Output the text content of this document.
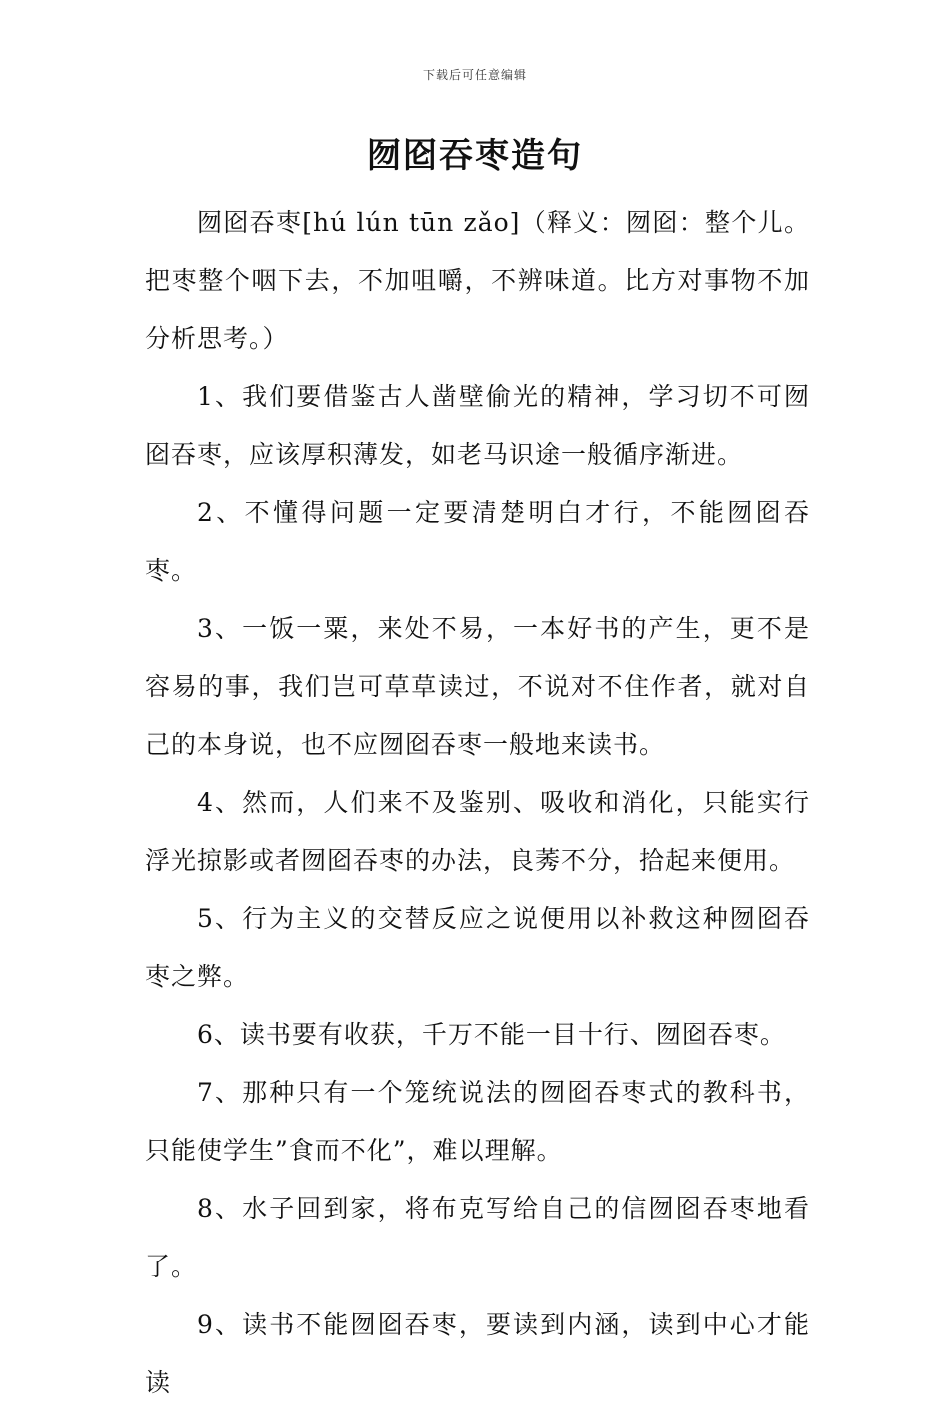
下载后可任意编辑
囫囵吞枣造句

囫囵吞枣[hú lún tūn zǎo]（释义：囫囵：整个儿。把枣整个咽下去，不加咀嚼，不辨味道。比方对事物不加分析思考。）

1、我们要借鉴古人凿壁偷光的精神，学习切不可囫囵吞枣，应该厚积薄发，如老马识途一般循序渐进。

2、不懂得问题一定要清楚明白才行，不能囫囵吞枣。

3、一饭一粟，来处不易，一本好书的产生，更不是容易的事，我们岂可草草读过，不说对不住作者，就对自己的本身说，也不应囫囵吞枣一般地来读书。

4、然而，人们来不及鉴别、吸收和消化，只能实行浮光掠影或者囫囵吞枣的办法，良莠不分，拾起来便用。

5、行为主义的交替反应之说便用以补救这种囫囵吞枣之弊。

6、读书要有收获，千万不能一目十行、囫囵吞枣。

7、那种只有一个笼统说法的囫囵吞枣式的教科书，只能使学生”食而不化”，难以理解。

8、水子回到家，将布克写给自己的信囫囵吞枣地看了。

9、读书不能囫囵吞枣，要读到内涵，读到中心才能读
